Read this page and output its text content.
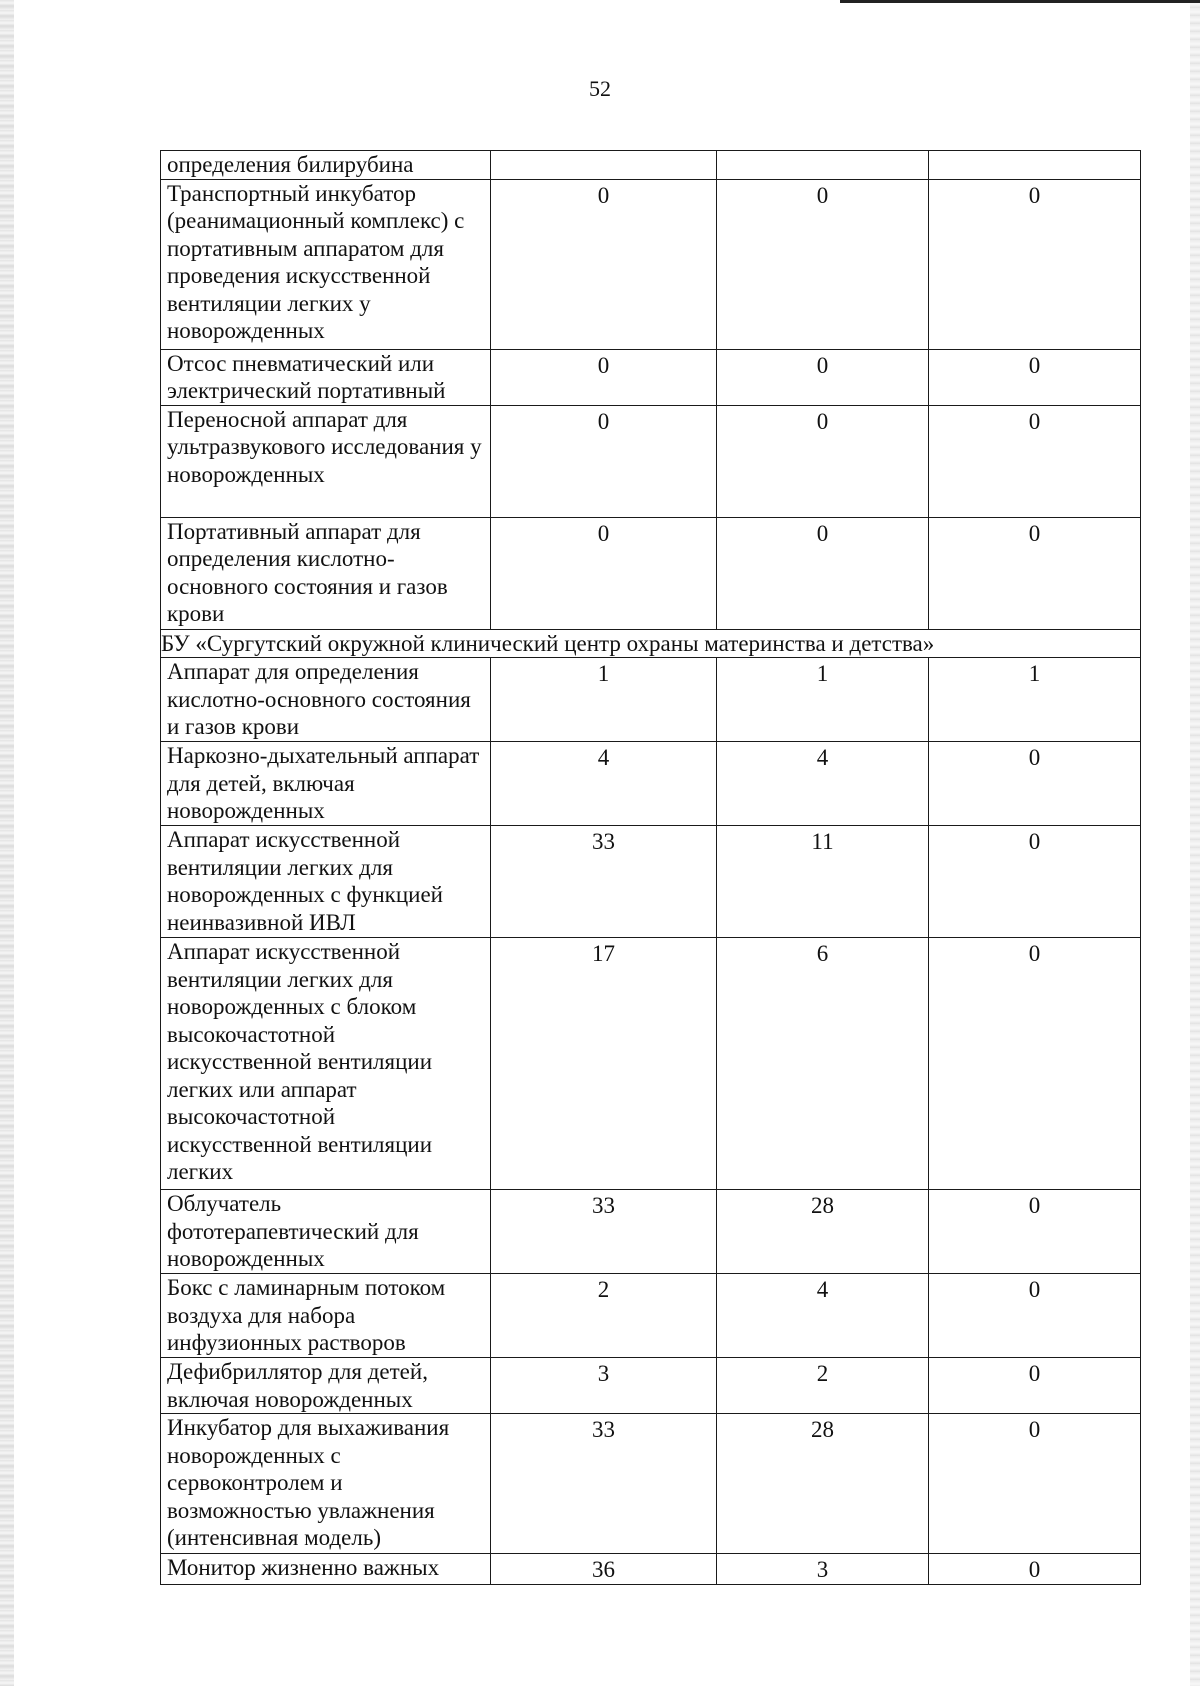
52
определения билирубина			
Транспортный инкубатор (реанимационный комплекс) с портативным аппаратом для проведения искусственной вентиляции легких у новорожденных	0	0	0
Отсос пневматический или электрический портативный	0	0	0
Переносной аппарат для ультразвукового исследования у новорожденных	0	0	0
Портативный аппарат для определения кислотно-основного состояния и газов крови	0	0	0
БУ «Сургутский окружной клинический центр охраны материнства и детства»			
Аппарат для определения кислотно-основного состояния и газов крови	1	1	1
Наркозно-дыхательный аппарат для детей, включая новорожденных	4	4	0
Аппарат искусственной вентиляции легких для новорожденных с функцией неинвазивной ИВЛ	33	11	0
Аппарат искусственной вентиляции легких для новорожденных с блоком высокочастотной искусственной вентиляции легких или аппарат высокочастотной искусственной вентиляции легких	17	6	0
Облучатель фототерапевтический для новорожденных	33	28	0
Бокс с ламинарным потоком воздуха для набора инфузионных растворов	2	4	0
Дефибриллятор для детей, включая новорожденных	3	2	0
Инкубатор для выхаживания новорожденных с сервоконтролем и возможностью увлажнения (интенсивная модель)	33	28	0
Монитор жизненно важных	36	3	0
